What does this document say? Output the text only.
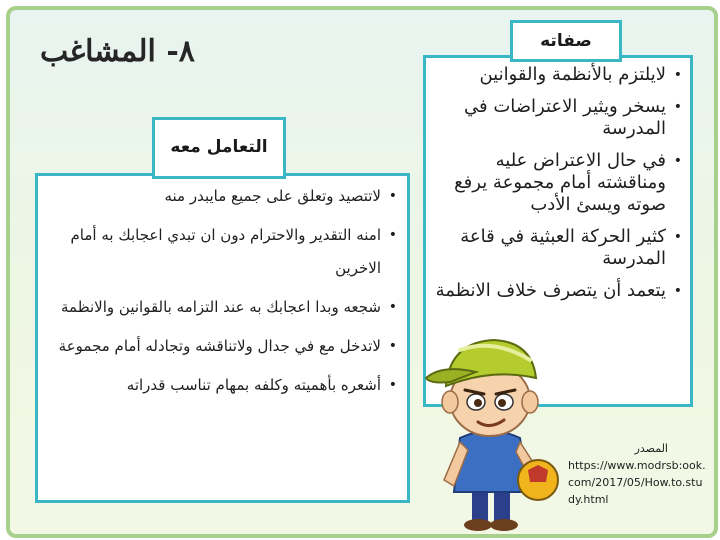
٨- المشاغب
• لايلتزم بالأنظمة والقوانين
• يسخر ويثير الاعتراضات في المدرسة
• في حال الاعتراض عليه ومناقشته أمام مجموعة يرفع صوته ويسئ الأدب
• كثير الحركة العبثية في قاعة المدرسة
• يتعمد أن يتصرف خلاف الانظمة
صفاته
• لاتتصيد وتعلق على جميع مايبدر منه
• امنه التقدير والاحترام دون ان تبدي اعجابك به أمام الاخرين
• شجعه وبدا اعجابك به عند التزامه بالقوانين والانظمة
• لاتدخل مع في جدال ولاتناقشه وتجادله أمام مجموعة
• أشعره بأهميته وكلفه بمهام تناسب قدراته
التعامل معه
المصدر
https://www.modrsb:ook.com/2017/05/How.to.study.html
